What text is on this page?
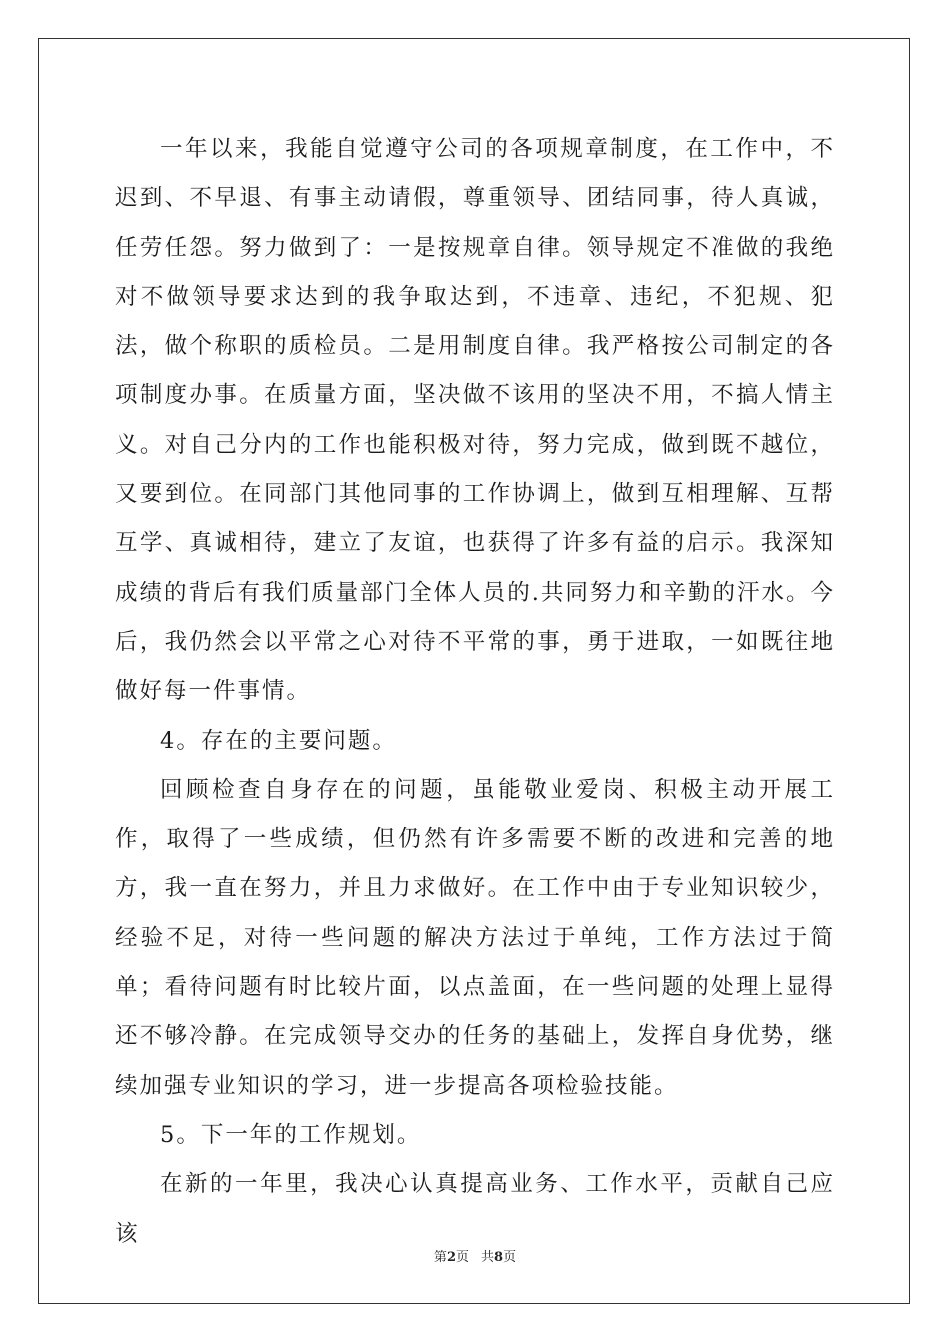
一年以来，我能自觉遵守公司的各项规章制度，在工作中，不迟到、不早退、有事主动请假，尊重领导、团结同事，待人真诚，任劳任怨。努力做到了：一是按规章自律。领导规定不准做的我绝对不做领导要求达到的我争取达到，不违章、违纪，不犯规、犯法，做个称职的质检员。二是用制度自律。我严格按公司制定的各项制度办事。在质量方面，坚决做不该用的坚决不用，不搞人情主义。对自己分内的工作也能积极对待，努力完成，做到既不越位，又要到位。在同部门其他同事的工作协调上，做到互相理解、互帮互学、真诚相待，建立了友谊，也获得了许多有益的启示。我深知成绩的背后有我们质量部门全体人员的.共同努力和辛勤的汗水。今后，我仍然会以平常之心对待不平常的事，勇于进取，一如既往地做好每一件事情。

4。存在的主要问题。

回顾检查自身存在的问题，虽能敬业爱岗、积极主动开展工作，取得了一些成绩，但仍然有许多需要不断的改进和完善的地方，我一直在努力，并且力求做好。在工作中由于专业知识较少，经验不足，对待一些问题的解决方法过于单纯，工作方法过于简单；看待问题有时比较片面，以点盖面，在一些问题的处理上显得还不够冷静。在完成领导交办的任务的基础上，发挥自身优势，继续加强专业知识的学习，进一步提高各项检验技能。

5。下一年的工作规划。

在新的一年里，我决心认真提高业务、工作水平，贡献自己应该

第2页 共8页
